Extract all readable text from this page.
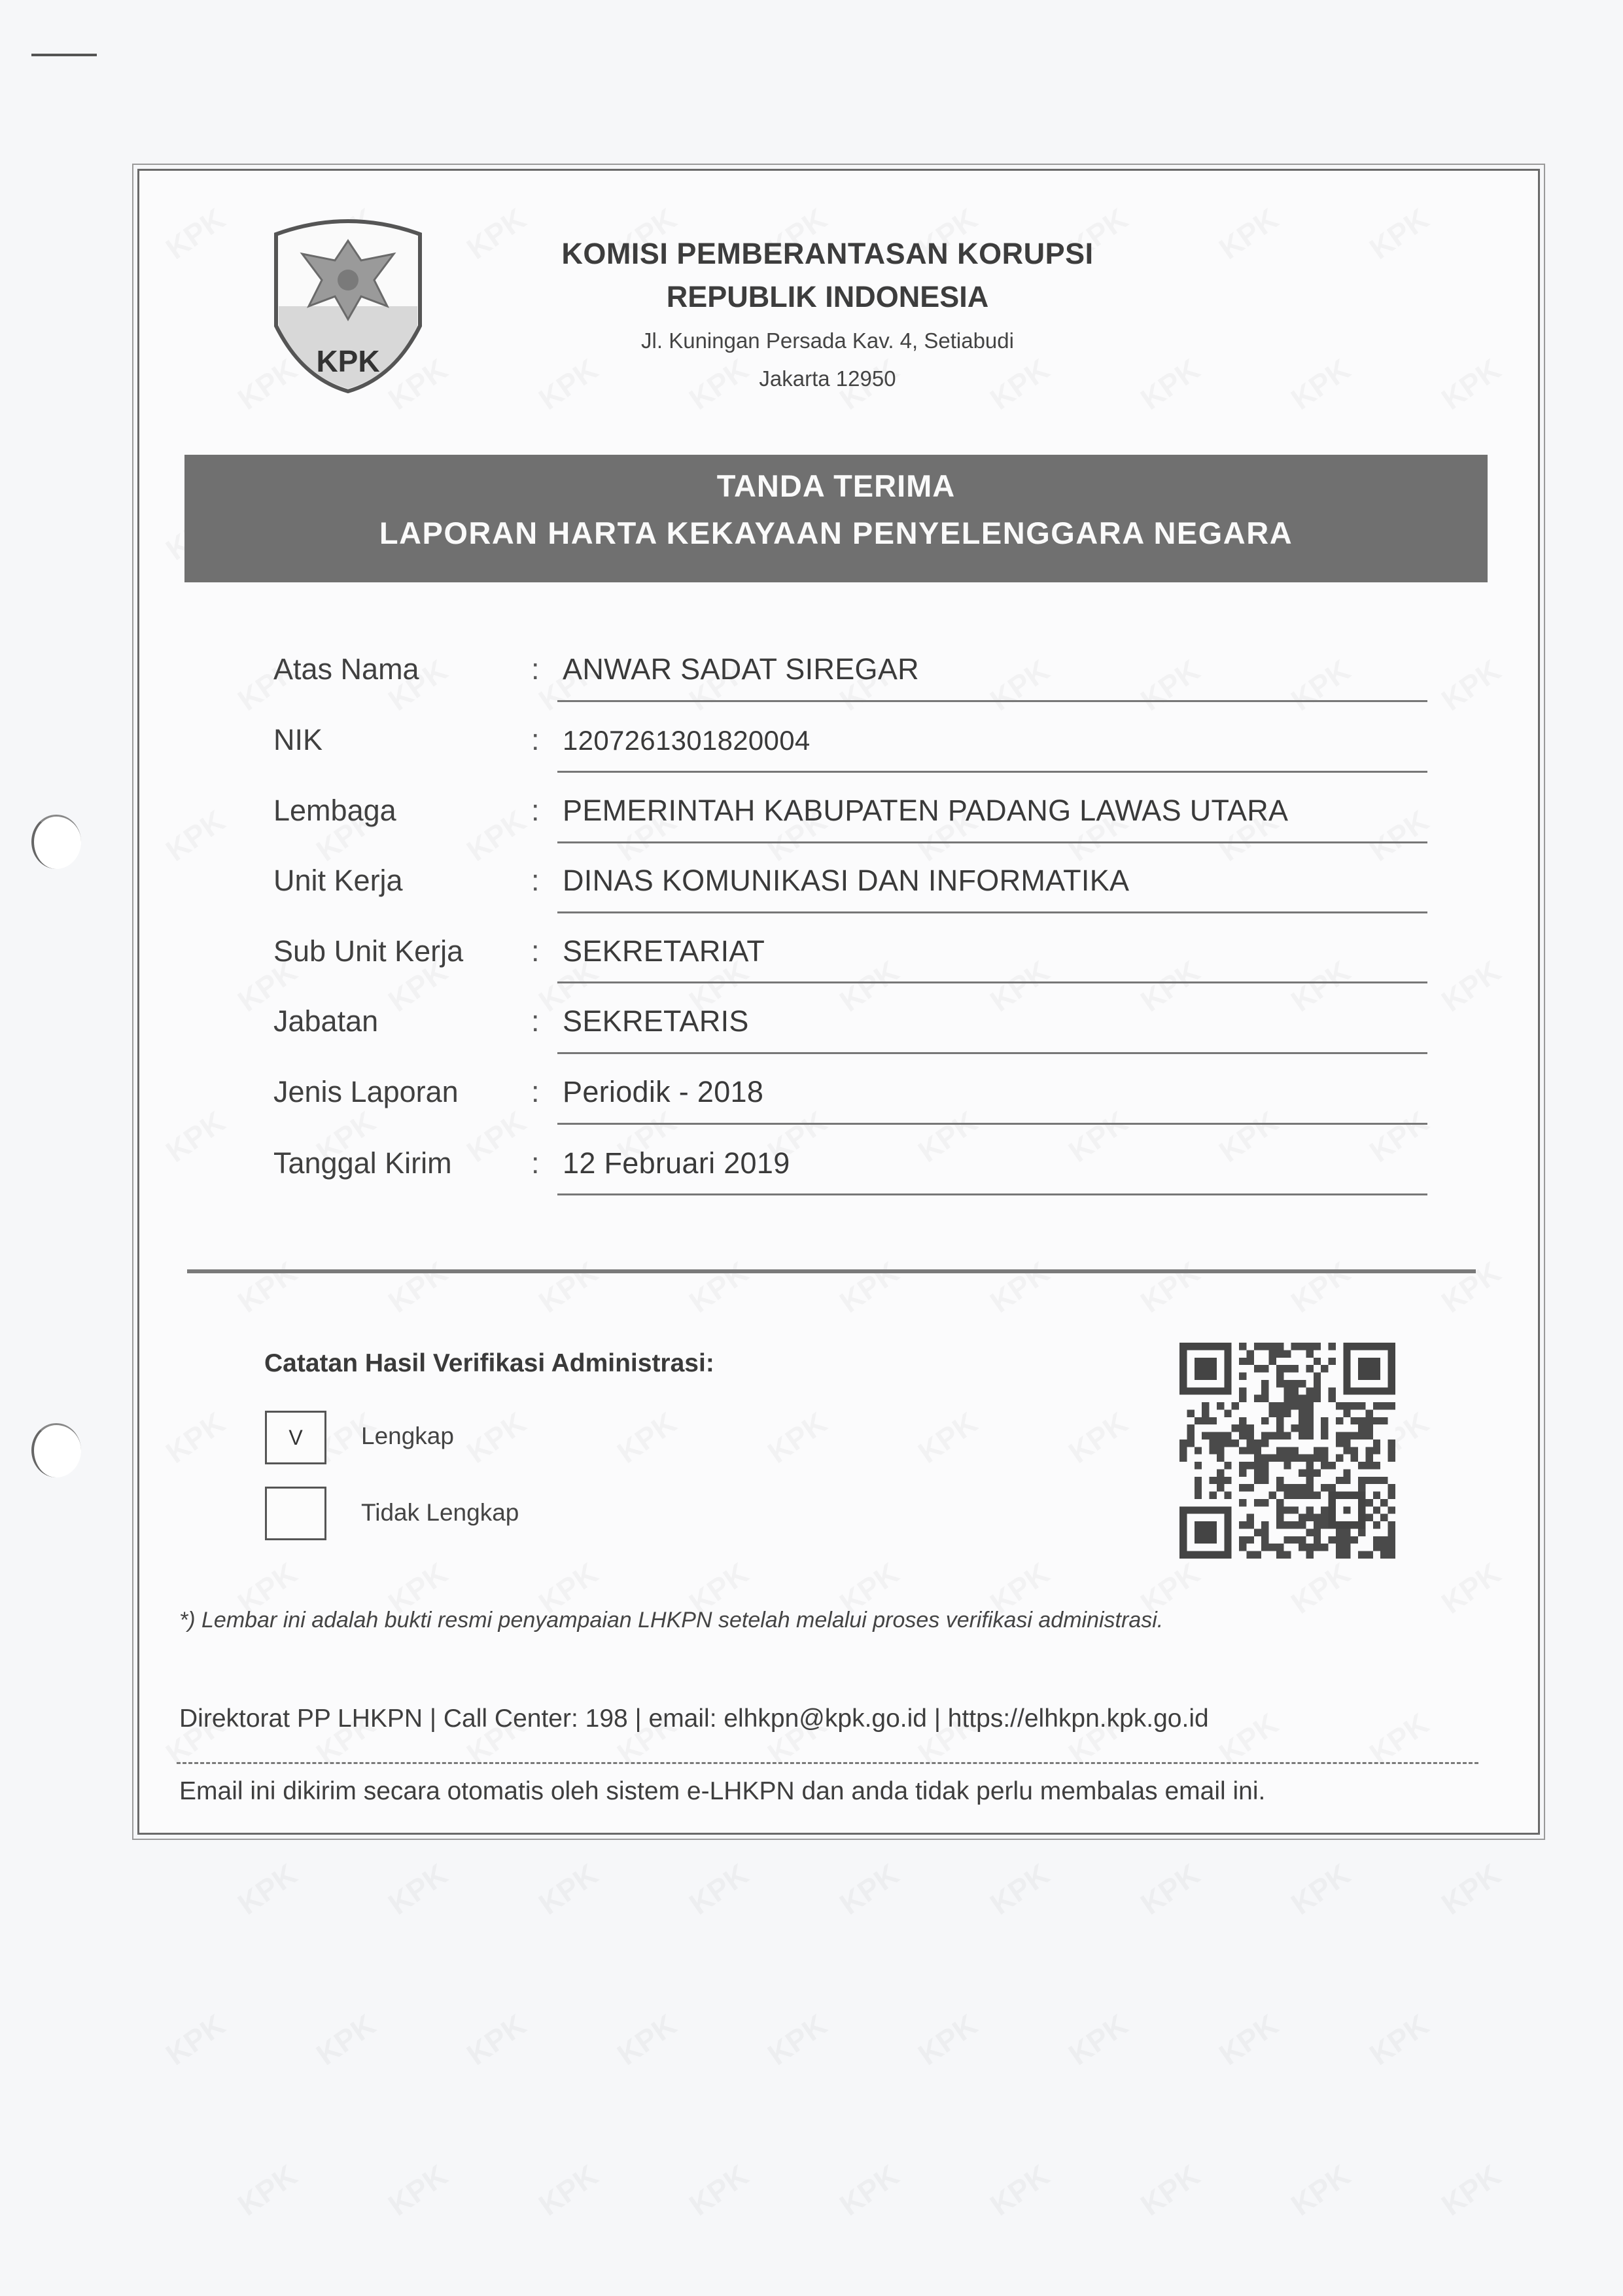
KPK
KOMISI PEMBERANTASAN KORUPSI
REPUBLIK INDONESIA
Jl. Kuningan Persada Kav. 4, Setiabudi
Jakarta 12950
TANDA TERIMA
LAPORAN HARTA KEKAYAAN PENYELENGGARA NEGARA
Atas Nama	: ANWAR SADAT SIREGAR
NIK	: 1207261301820004
Lembaga	: PEMERINTAH KABUPATEN PADANG LAWAS UTARA
Unit Kerja	: DINAS KOMUNIKASI DAN INFORMATIKA
Sub Unit Kerja : SEKRETARIAT
Jabatan	: SEKRETARIS
Jenis Laporan : Periodik - 2018
Tanggal Kirim	: 12 Februari 2019
Catatan Hasil Verifikasi Administrasi:
V	Lengkap
Tidak Lengkap
*) Lembar ini adalah bukti resmi penyampaian LHKPN setelah melalui proses verifikasi administrasi.
Direktorat PP LHKPN | Call Center: 198 | email: elhkpn@kpk.go.id | https://elhkpn.kpk.go.id
Email ini dikirim secara otomatis oleh sistem e-LHKPN dan anda tidak perlu membalas email ini.
